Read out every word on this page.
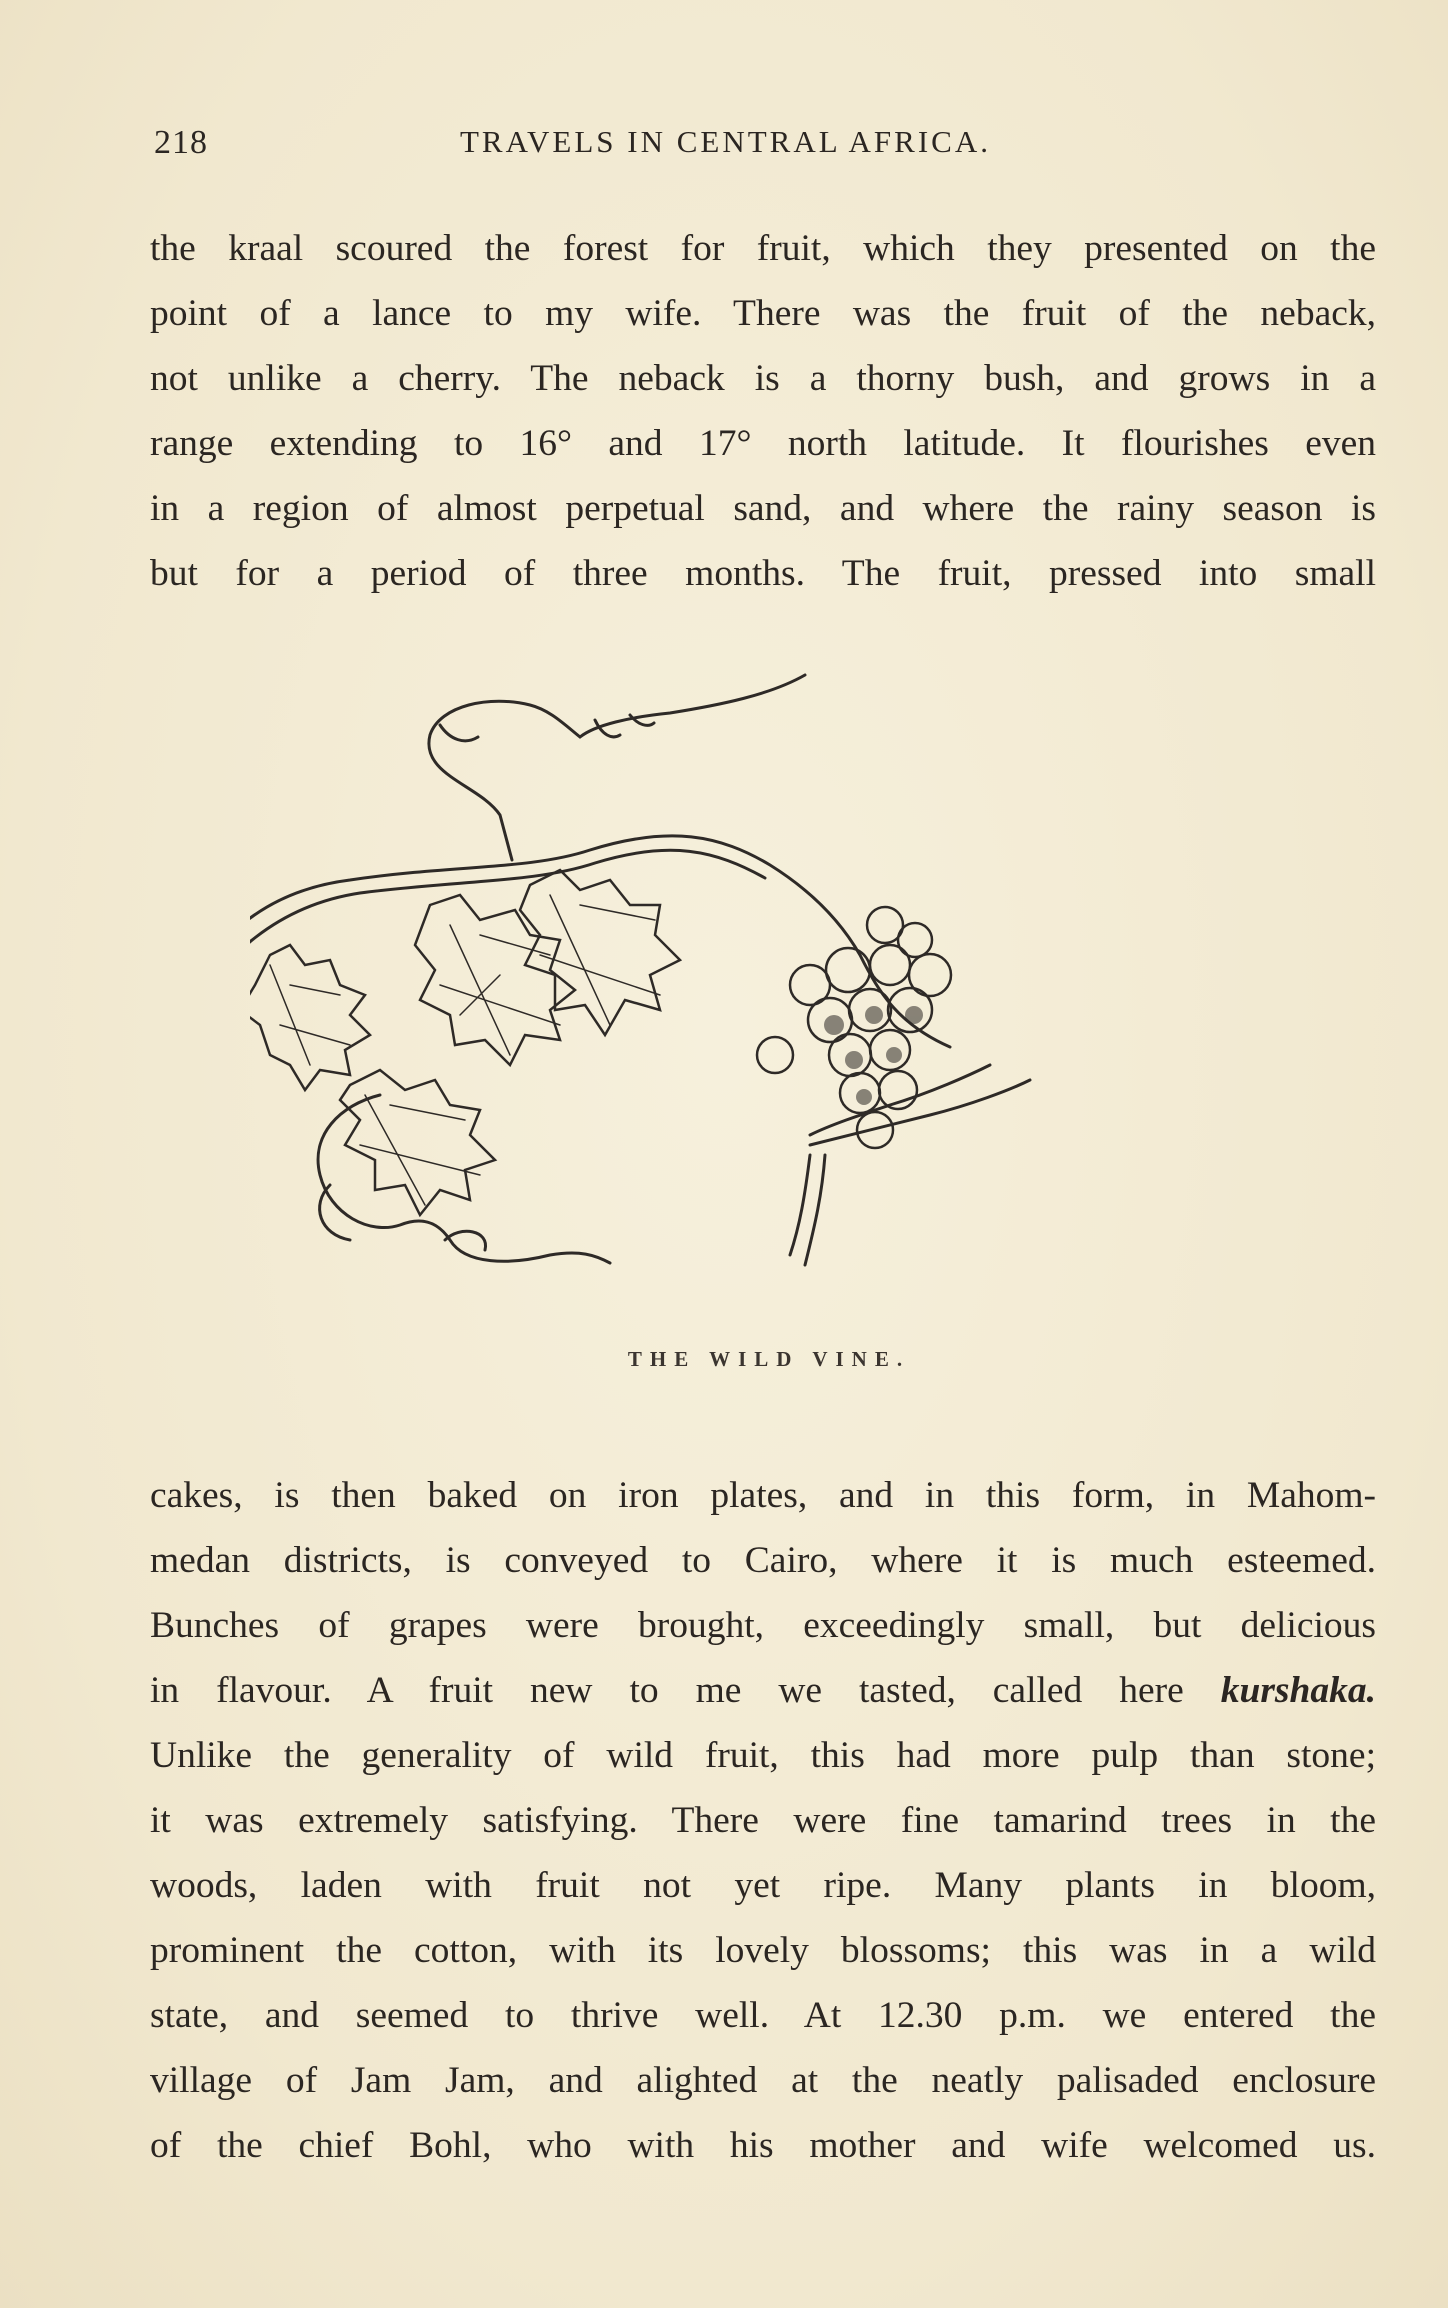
218	TRAVELS IN CENTRAL AFRICA.
the kraal scoured the forest for fruit, which they presented on the
point of a lance to my wife. There was the fruit of the neback,
not unlike a cherry. The neback is a thorny bush, and grows in a
range extending to 16° and 17° north latitude. It flourishes even
in a region of almost perpetual sand, and where the rainy season is
but for a period of three months. The fruit, pressed into small
THE WILD VINE.
cakes, is then baked on iron plates, and in this form, in Mahom-
medan districts, is conveyed to Cairo, where it is much esteemed.
Bunches of grapes were brought, exceedingly small, but delicious
in flavour. A fruit new to me we tasted, called here kurshaka.
Unlike the generality of wild fruit, this had more pulp than stone;
it was extremely satisfying. There were fine tamarind trees in the
woods, laden with fruit not yet ripe. Many plants in bloom,
prominent the cotton, with its lovely blossoms; this was in a wild
state, and seemed to thrive well. At 12.30 p.m. we entered the
village of Jam Jam, and alighted at the neatly palisaded enclosure
of the chief Bohl, who with his mother and wife welcomed us.
